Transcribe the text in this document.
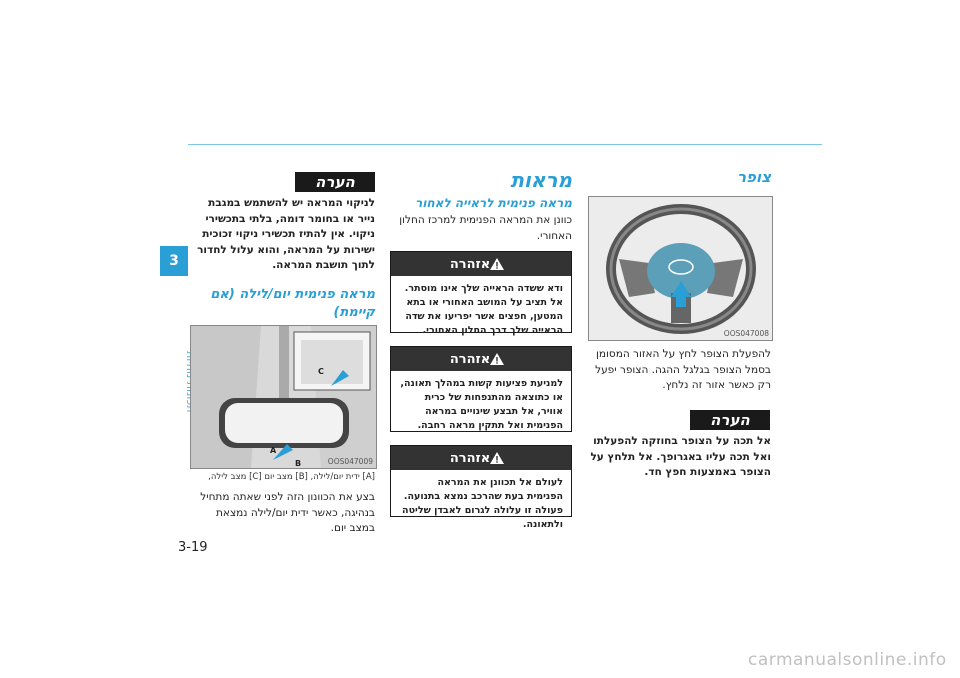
3
הערה
לניקוי המראה יש להשתמש במגבת נייר או בחומר דומה, בלתי בתכשירי ניקוי. אין להתיז תכשירי ניקוי זכוכית ישירות על המראה, והוא עלול לחדור לתוך תושבת המראה.
מראה פנימית יום/לילה (אם קיימת)
A
B
C
OOS047009
[A] ידית יום/לילה, [B] מצב יום [C] מצב לילה,
בצע את הכוונון הזה לפני שאתה מתחיל בנהיגה, כאשר ידית יום/לילה נמצאת במצב יום.
מראות
מראה פנימית לראייה לאחור
כוונן את המראה הפנימית למרכז החלון האחורי.
אזהרה
ודא ששדה הראייה שלך אינו מוסתר. אל תציב על המושב האחורי או בתא המטען, חפצים אשר יפריעו את שדה הראייה שלך דרך החלון האחורי.
אזהרה
למניעת פציעות קשות במהלך תאונה, או כתוצאה מהתנפחות של כרית אוויר, אל תבצע שינויים במראה הפנימית ואל תתקין מראה רחבה.
אזהרה
לעולם אל תכוונן את המראה הפנימית בעת שהרכב נמצא בתנועה. פעולה זו עלולה לגרום לאבדן שליטה ולתאונה.
צופר
OOS047008
להפעלת הצופר לחץ על האזור המסומן בסמל הצופר בגלגל ההגה. הצופר יפעל רק כאשר אזור זה נלחץ.
הערה
אל תכה על הצופר בחוזקה להפעלתו ואל תכה עליו באגרופך. אל תלחץ על הצופר באמצעות חפץ חד.
3-19
carmanualsonline.info
